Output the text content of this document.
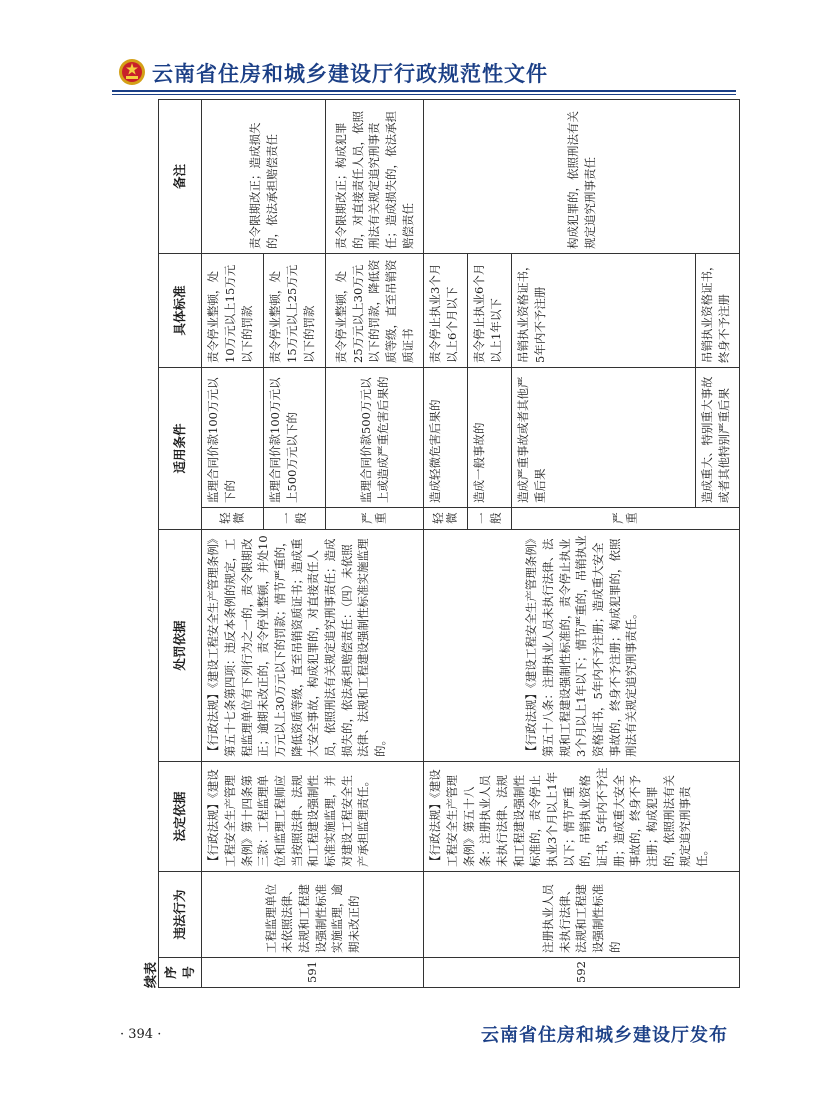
云南省住房和城乡建设厅行政规范性文件
续表 序号	违法行为	法定依据	处罚依据	适用条件		具体标准	备注
591	工程监理单位未依照法律、法规和工程建设强制性标准实施监理，逾期未改正的	【行政法规】《建设工程安全生产管理条例》第十四条第三款：工程监理单位和监理工程师应当按照法律、法规和工程建设强制性标准实施监理，并对建设工程安全生产承担监理责任。	【行政法规】《建设工程安全生产管理条例》第五十七条第四项：违反本条例的规定，工程监理单位有下列行为之一的，责令限期改正；逾期未改正的，责令停业整顿，并处10万元以上30万元以下的罚款；情节严重的，降低资质等级，直至吊销资质证书；造成重大安全事故，构成犯罪的，对直接责任人员，依照刑法有关规定追究刑事责任；造成损失的，依法承担赔偿责任：（四）未依照法律、法规和工程建设强制性标准实施监理的。	轻微	监理合同价款100万元以下的	责令停业整顿，处10万元以上15万元以下的罚款	责令限期改正；造成损失的，依法承担赔偿责任
				一般	监理合同价款100万元以上500万元以下的	责令停业整顿，处15万元以上25万元以下的罚款	
				严重	监理合同价款500万元以上或造成严重危害后果的	责令停业整顿，处25万元以上30万元以下的罚款，降低资质等级，直至吊销资质证书	责令限期改正；构成犯罪的，对直接责任人员，依照刑法有关规定追究刑事责任；造成损失的，依法承担赔偿责任
592	注册执业人员未执行法律、法规和工程建设强制性标准的	【行政法规】《建设工程安全生产管理条例》第五十八条：注册执业人员未执行法律、法规和工程建设强制性标准的，责令停止执业3个月以上1年以下；情节严重的，吊销执业资格证书，5年内不予注册；造成重大安全事故的，终身不予注册；构成犯罪的，依照刑法有关规定追究刑事责任。	【行政法规】《建设工程安全生产管理条例》第五十八条：注册执业人员未执行法律、法规和工程建设强制性标准的，责令停止执业3个月以上1年以下；情节严重的，吊销执业资格证书，5年内不予注册；造成重大安全事故的，终身不予注册；构成犯罪的，依照刑法有关规定追究刑事责任。	轻微	造成轻微危害后果的	责令停止执业3个月以上6个月以下	构成犯罪的，依照刑法有关规定追究刑事责任
				一般	造成一般事故的	责令停止执业6个月以上1年以下	
				严重	造成严重事故或者其他严重后果	吊销执业资格证书，5年内不予注册	
					造成重大、特别重大事故或者其他特别严重后果	吊销执业资格证书，终身不予注册	
· 394 ·	云南省住房和城乡建设厅发布
